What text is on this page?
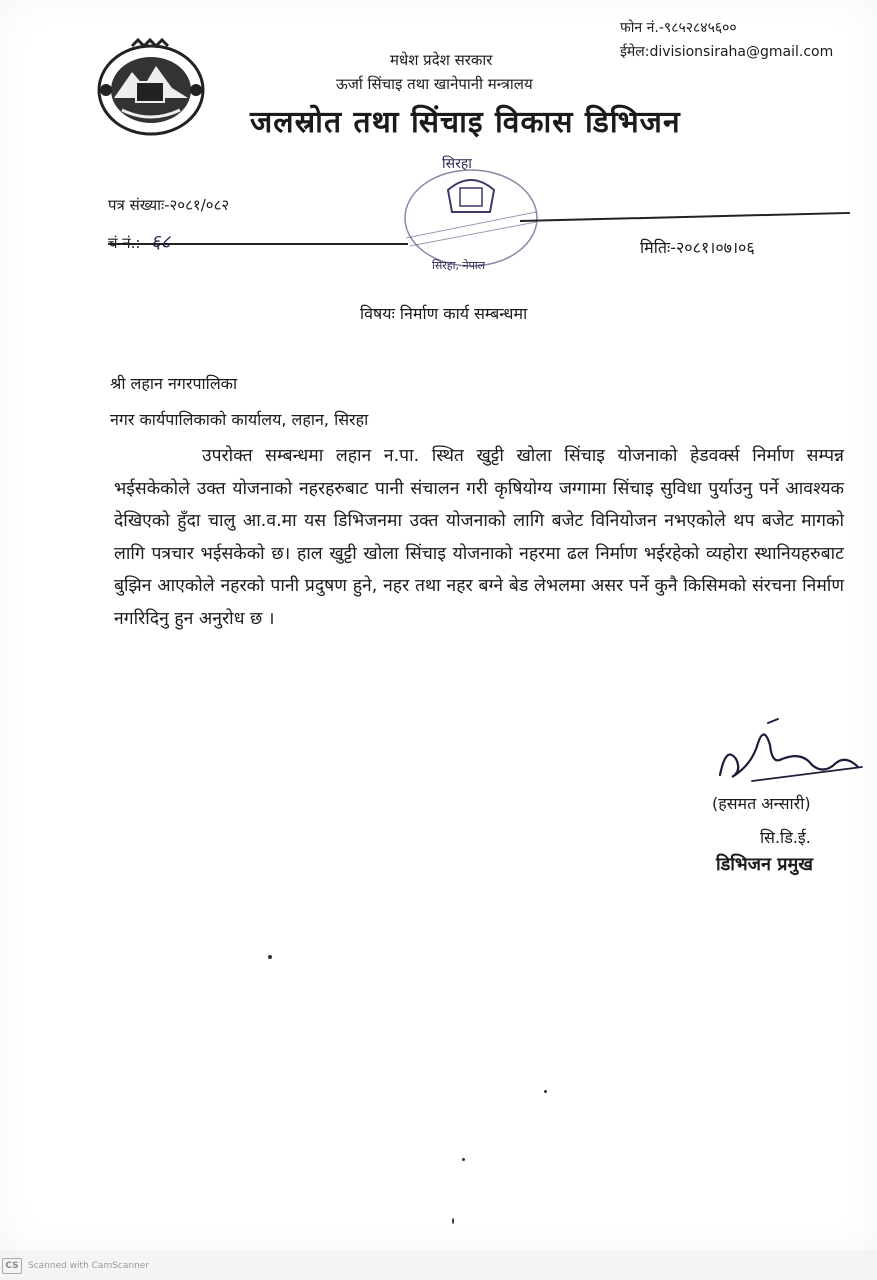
फोन नं.-९८५२८४५६००
ईमेल:divisionsiraha@gmail.com
मधेश प्रदेश सरकार
ऊर्जा सिंचाइ तथा खानेपानी मन्त्रालय
जलस्रोत तथा सिंचाइ विकास डिभिजन
सिरहा
सिरहा, नेपाल
पत्र संख्याः-२०८१/०८२
चं नं.:- ६८	मितिः-२०८१।०७।०६
विषयः निर्माण कार्य सम्बन्धमा
श्री लहान नगरपालिका
नगर कार्यपालिकाको कार्यालय, लहान, सिरहा
उपरोक्त सम्बन्धमा लहान न.पा. स्थित खुट्टी खोला सिंचाइ योजनाको हेडवर्क्स निर्माण सम्पन्न भईसकेकोले उक्त योजनाको नहरहरुबाट पानी संचालन गरी कृषियोग्य जग्गामा सिंचाइ सुविधा पुर्याउनु पर्ने आवश्यक देखिएको हुँदा चालु आ.व.मा यस डिभिजनमा उक्त योजनाको लागि बजेट विनियोजन नभएकोले थप बजेट मागको लागि पत्रचार भईसकेको छ। हाल खुट्टी खोला सिंचाइ योजनाको नहरमा ढल निर्माण भईरहेको व्यहोरा स्थानियहरुबाट बुझिन आएकोले नहरको पानी प्रदुषण हुने, नहर तथा नहर बग्ने बेड लेभलमा असर पर्ने कुनै किसिमको संरचना निर्माण नगरिदिनु हुन अनुरोध छ ।
(हसमत अन्सारी)
सि.डि.ई.
डिभिजन प्रमुख
CS	Scanned with CamScanner
